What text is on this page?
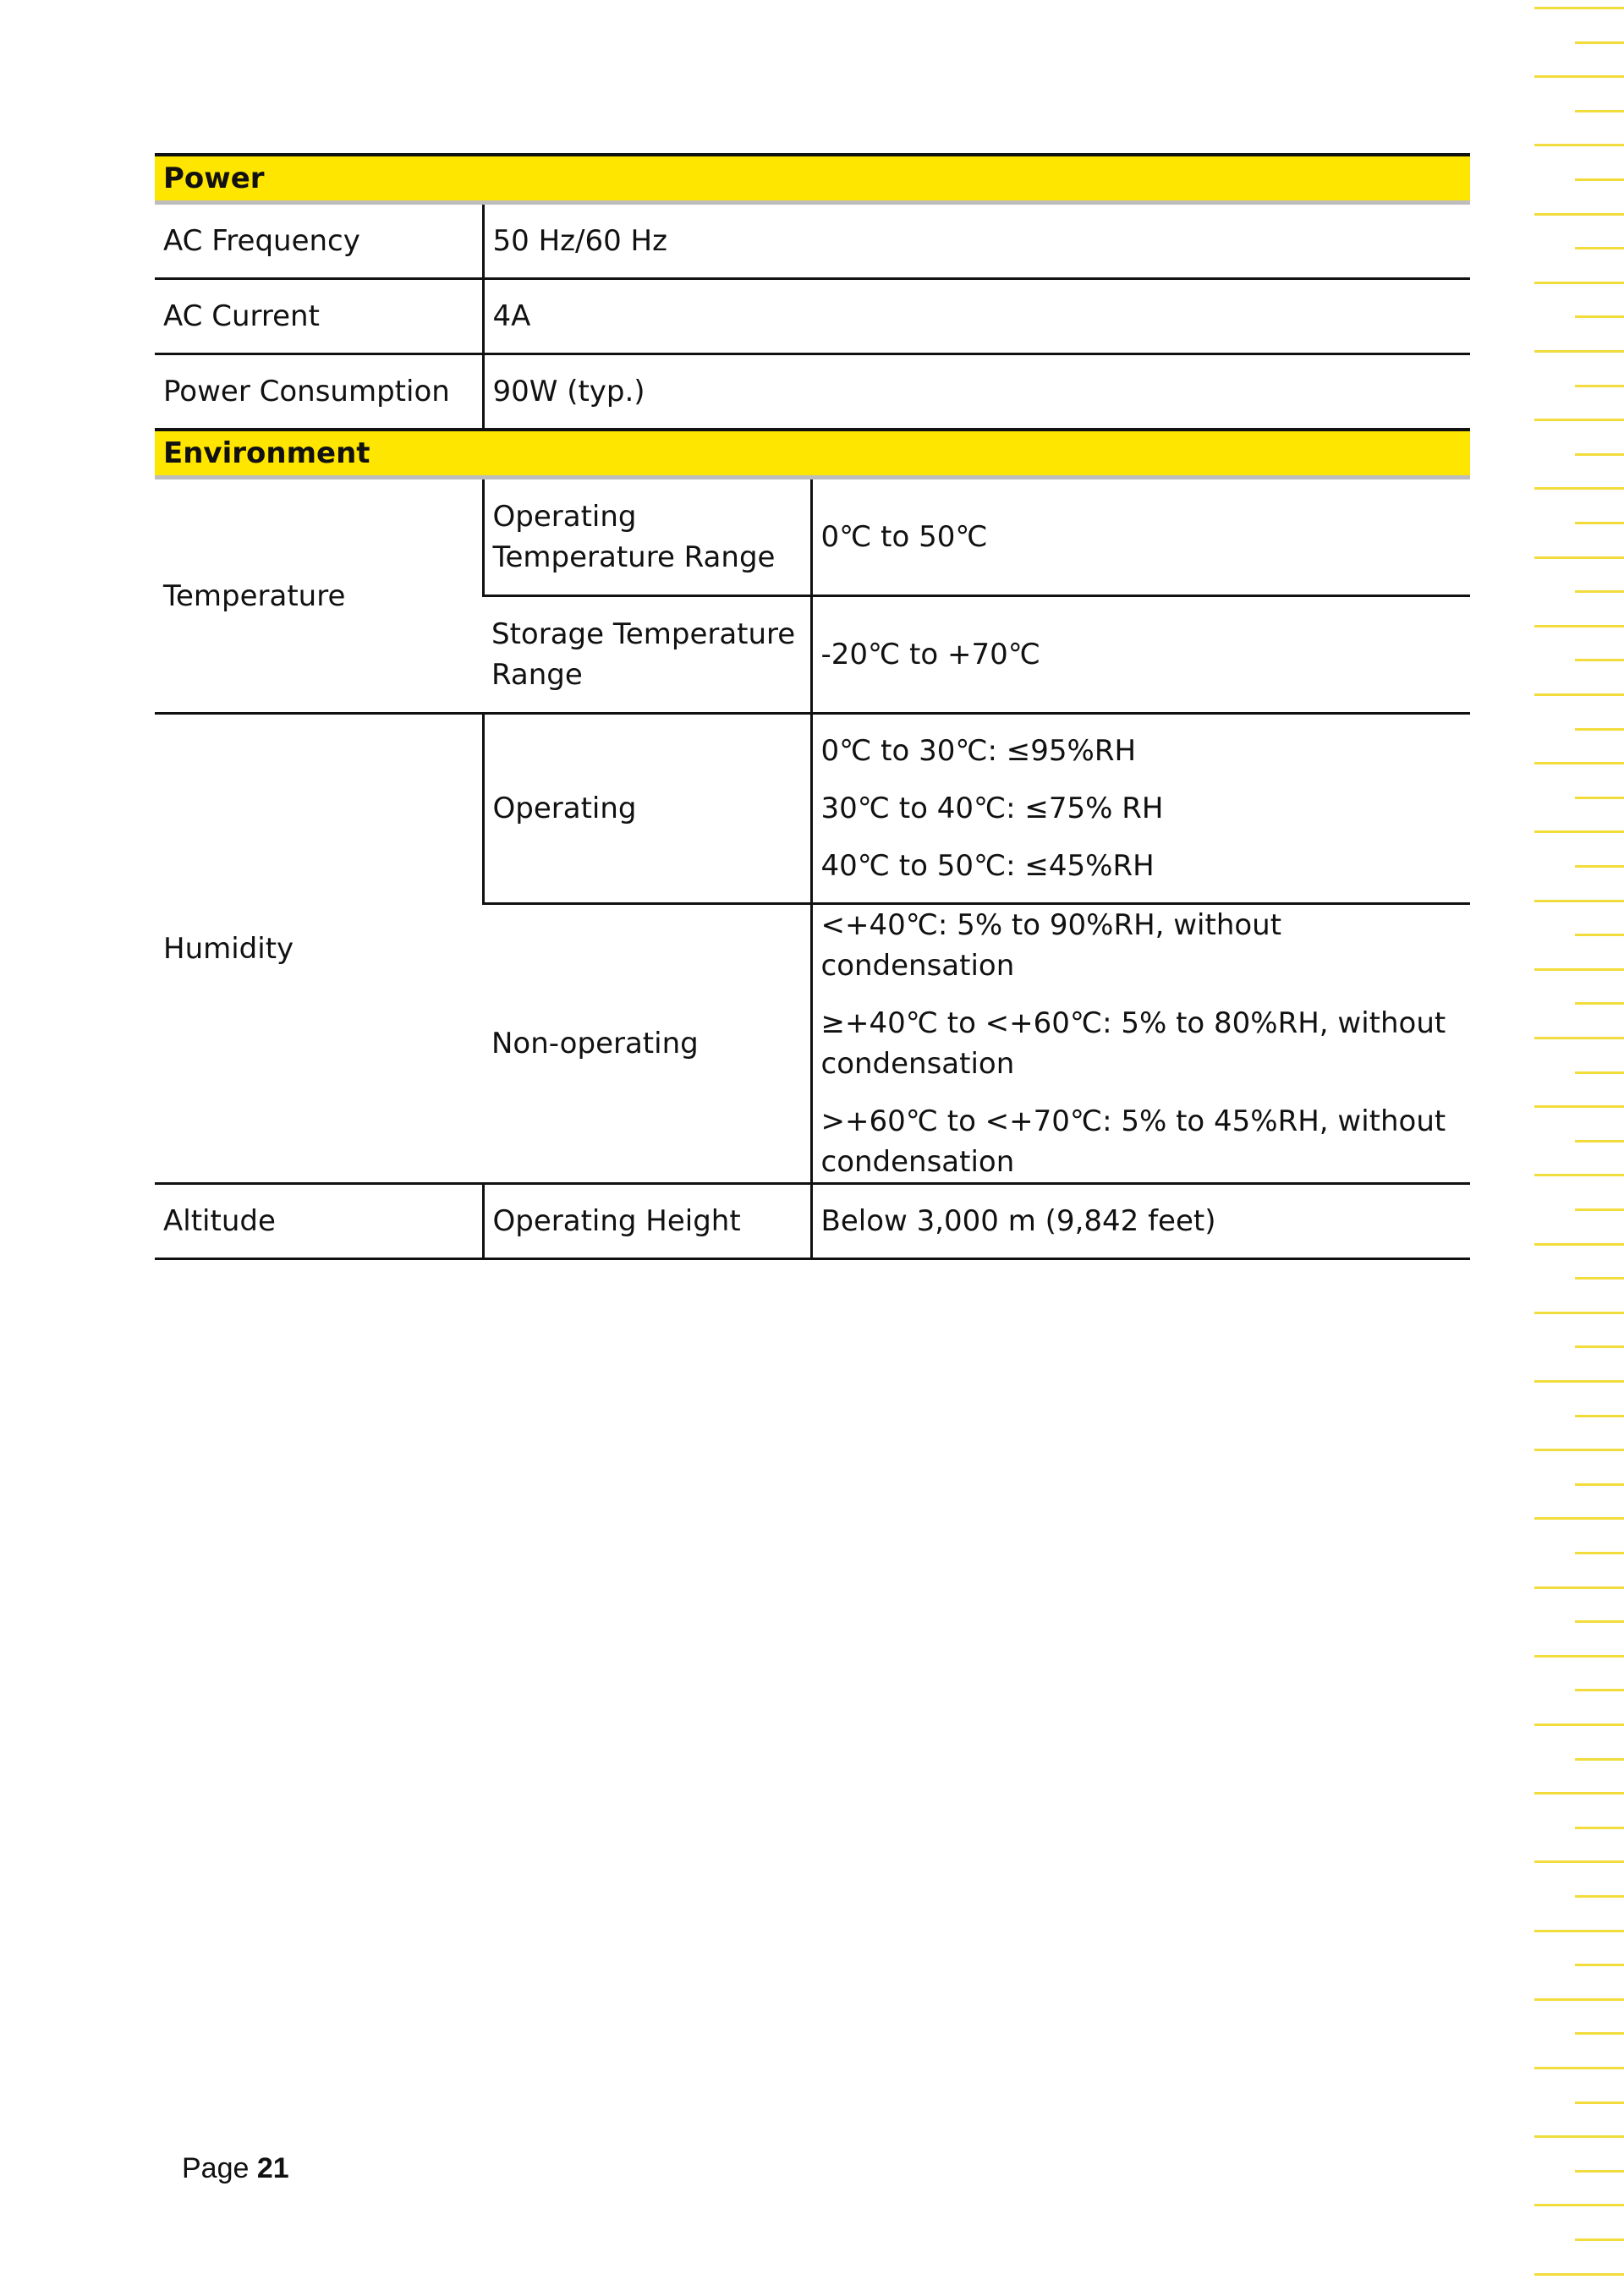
Power		
AC Frequency	50 Hz/60 Hz	
AC Current	4A	
Power Consumption	90W (typ.)	
Environment		
Temperature	Operating Temperature Range	0℃ to 50℃
	Storage Temperature Range	-20℃ to +70℃
Humidity	Operating	0℃ to 30℃: ≤95%RH
30℃ to 40℃: ≤75% RH
40℃ to 50℃: ≤45%RH

	Non-operating	<+40℃: 5% to 90%RH, without condensation
≥+40℃ to <+60℃: 5% to 80%RH, without condensation
>+60℃ to <+70℃: 5% to 45%RH, without condensation

Altitude	Operating Height	Below 3,000 m (9,842 feet)
Page 21
